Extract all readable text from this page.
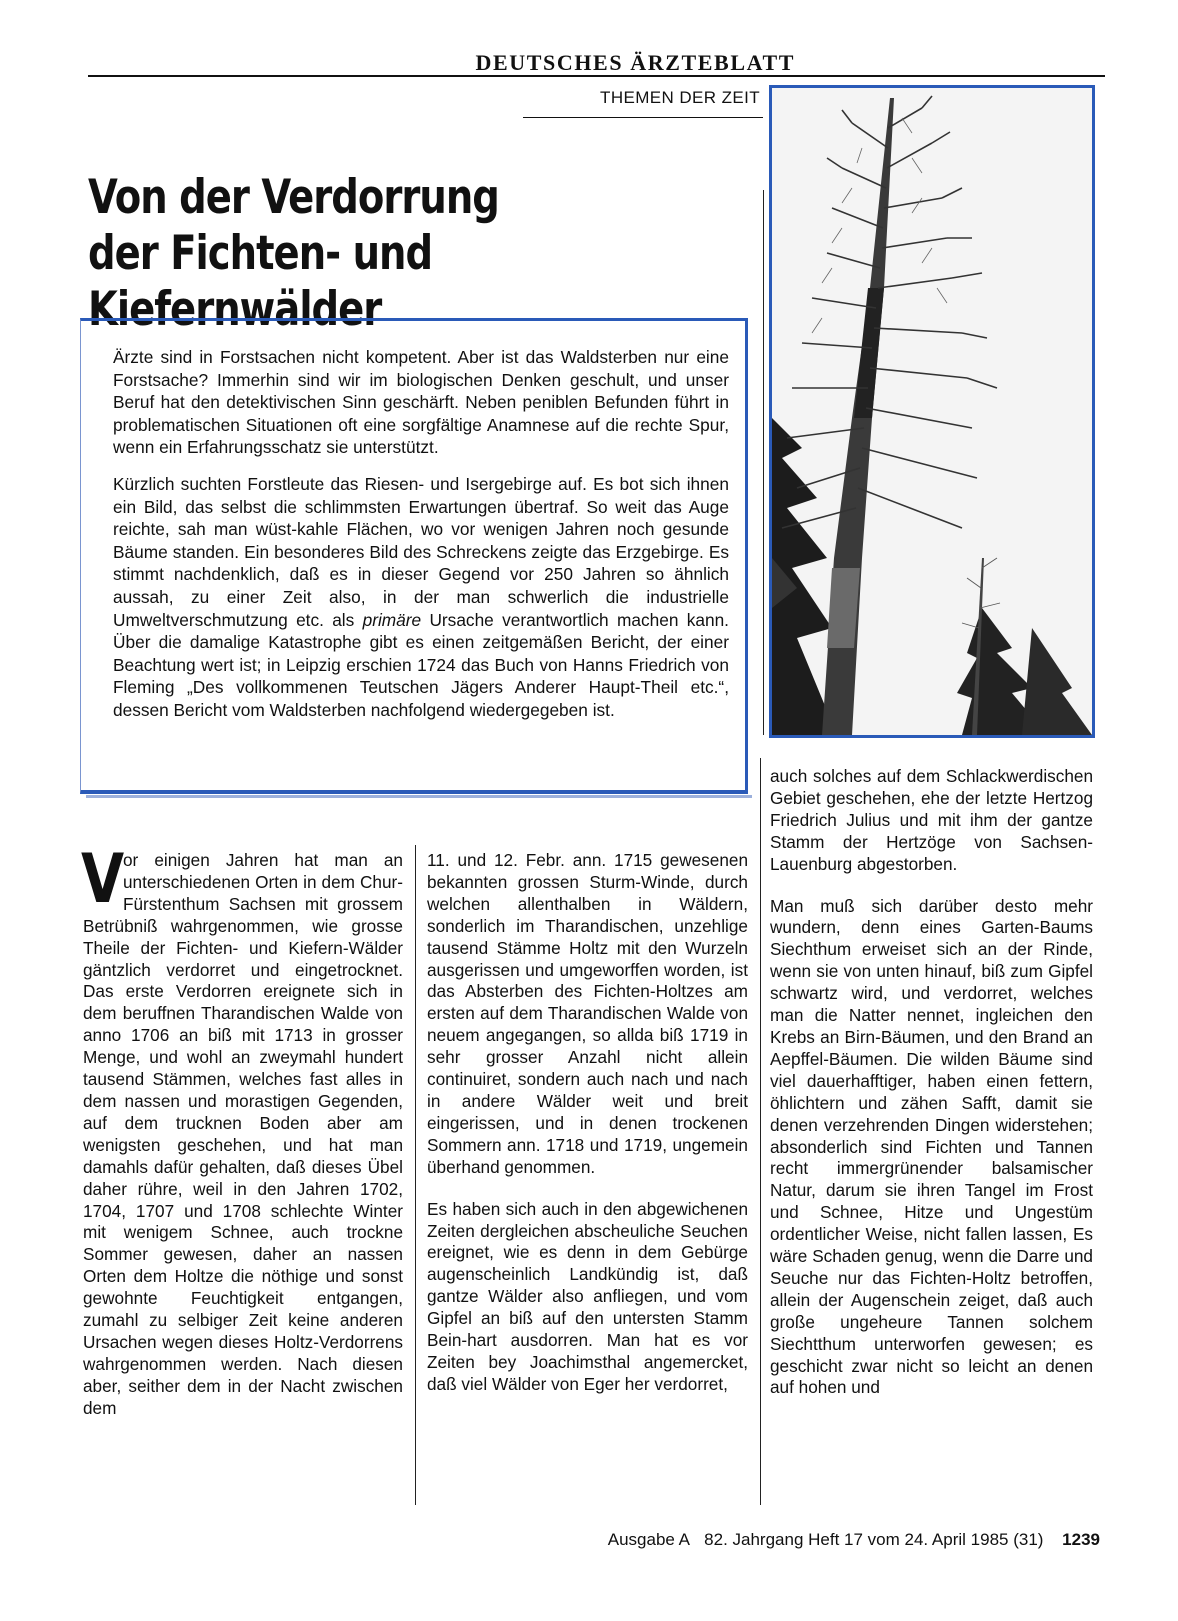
DEUTSCHES ÄRZTEBLATT
THEMEN DER ZEIT
Von der Verdorrung
der Fichten- und Kiefernwälder

Ärzte sind in Forstsachen nicht kompetent. Aber ist das Waldsterben nur eine Forstsache? Immerhin sind wir im biologischen Denken geschult, und unser Beruf hat den detektivischen Sinn geschärft. Neben peniblen Befunden führt in problematischen Situationen oft eine sorgfältige Anamnese auf die rechte Spur, wenn ein Erfahrungsschatz sie unterstützt.

Kürzlich suchten Forstleute das Riesen- und Isergebirge auf. Es bot sich ihnen ein Bild, das selbst die schlimmsten Erwartungen übertraf. So weit das Auge reichte, sah man wüst-kahle Flächen, wo vor wenigen Jahren noch gesunde Bäume standen. Ein besonderes Bild des Schreckens zeigte das Erzgebirge. Es stimmt nachdenklich, daß es in dieser Gegend vor 250 Jahren so ähnlich aussah, zu einer Zeit also, in der man schwerlich die industrielle Umweltverschmutzung etc. als primäre Ursache verantwortlich machen kann. Über die damalige Katastrophe gibt es einen zeitgemäßen Bericht, der einer Beachtung wert ist; in Leipzig erschien 1724 das Buch von Hanns Friedrich von Fleming „Des vollkommenen Teutschen Jägers Anderer Haupt-Theil etc.“, dessen Bericht vom Waldsterben nachfolgend wiedergegeben ist.

V
or einigen Jahren hat man an unterschiedenen Orten in dem Chur-Fürstenthum Sachsen mit grossem Betrübniß wahrgenommen, wie grosse Theile der Fichten- und Kiefern-Wälder gäntzlich verdorret und eingetrocknet. Das erste Verdorren ereignete sich in dem beruffnen Tharandischen Walde von anno 1706 an biß mit 1713 in grosser Menge, und wohl an zweymahl hundert tausend Stämmen, welches fast alles in dem nassen und morastigen Gegenden, auf dem trucknen Boden aber am wenigsten geschehen, und hat man damahls dafür gehalten, daß dieses Übel daher rühre, weil in den Jahren 1702, 1704, 1707 und 1708 schlechte Winter mit wenigem Schnee, auch trockne Sommer gewesen, daher an nassen Orten dem Holtze die nöthige und sonst gewohnte Feuchtigkeit entgangen, zumahl zu selbiger Zeit keine anderen Ursachen wegen dieses Holtz-Verdorrens wahrgenommen werden. Nach diesen aber, seither dem in der Nacht zwischen dem

11. und 12. Febr. ann. 1715 gewesenen bekannten grossen Sturm-Winde, durch welchen allenthalben in Wäldern, sonderlich im Tharandischen, unzehlige tausend Stämme Holtz mit den Wurzeln ausgerissen und umgeworffen worden, ist das Absterben des Fichten-Holtzes am ersten auf dem Tharandischen Walde von neuem angegangen, so allda biß 1719 in sehr grosser Anzahl nicht allein continuiret, sondern auch nach und nach in andere Wälder weit und breit eingerissen, und in denen trockenen Sommern ann. 1718 und 1719, ungemein überhand genommen.

Es haben sich auch in den abgewichenen Zeiten dergleichen abscheuliche Seuchen ereignet, wie es denn in dem Gebürge augenscheinlich Landkündig ist, daß gantze Wälder also anfliegen, und vom Gipfel an biß auf den untersten Stamm Bein-hart ausdorren. Man hat es vor Zeiten bey Joachimsthal angemercket, daß viel Wälder von Eger her verdorret,

auch solches auf dem Schlackwerdischen Gebiet geschehen, ehe der letzte Hertzog Friedrich Julius und mit ihm der gantze Stamm der Hertzöge von Sachsen-Lauenburg abgestorben.

Man muß sich darüber desto mehr wundern, denn eines Garten-Baums Siechthum erweiset sich an der Rinde, wenn sie von unten hinauf, biß zum Gipfel schwartz wird, und verdorret, welches man die Natter nennet, ingleichen den Krebs an Birn-Bäumen, und den Brand an Aepffel-Bäumen. Die wilden Bäume sind viel dauerhafftiger, haben einen fettern, öhlichtern und zähen Safft, damit sie denen verzehrenden Dingen widerstehen; absonderlich sind Fichten und Tannen recht immergrünender balsamischer Natur, darum sie ihren Tangel im Frost und Schnee, Hitze und Ungestüm ordentlicher Weise, nicht fallen lassen, Es wäre Schaden genug, wenn die Darre und Seuche nur das Fichten-Holtz betroffen, allein der Augenschein zeiget, daß auch große ungeheure Tannen solchem Siechtthum unterworfen gewesen; es geschicht zwar nicht so leicht an denen auf hohen und

Ausgabe A 82. Jahrgang Heft 17 vom 24. April 1985 (31) 1239
